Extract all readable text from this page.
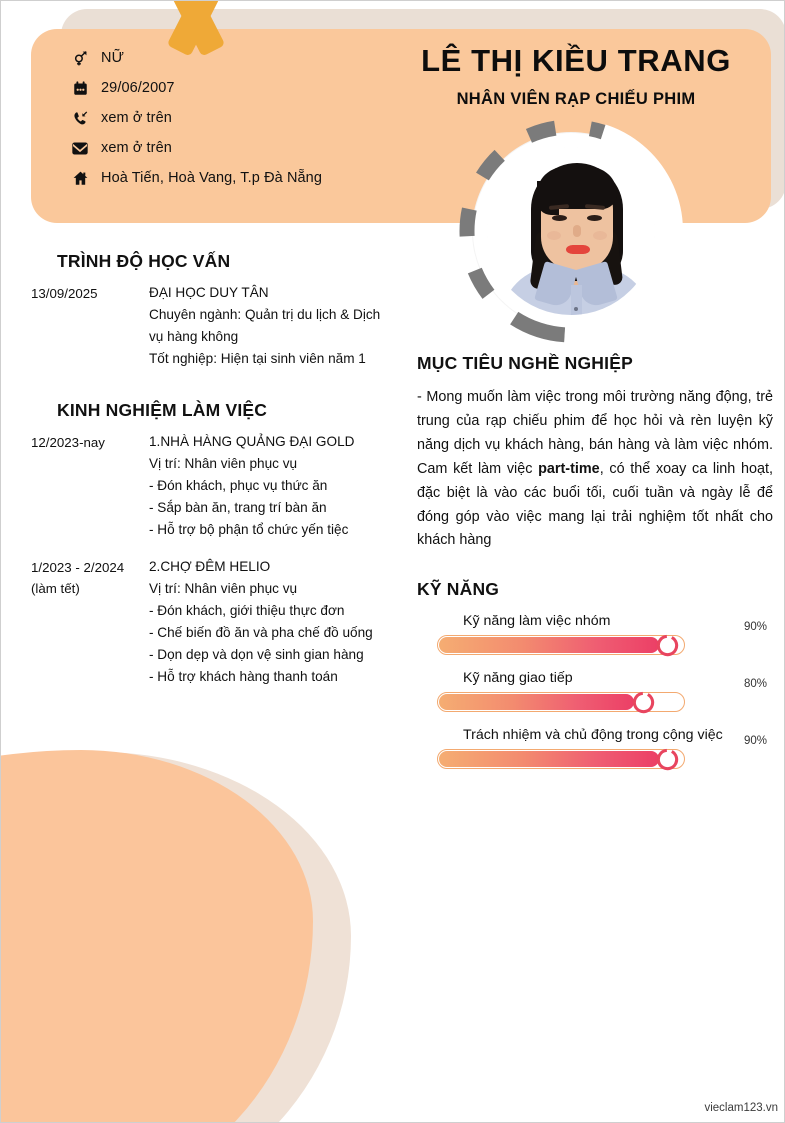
NỮ
29/06/2007
xem ở trên
xem ở trên
Hoà Tiến, Hoà Vang, T.p Đà Nẵng
LÊ THỊ KIỀU TRANG
NHÂN VIÊN RẠP CHIẾU PHIM
TRÌNH ĐỘ HỌC VẤN
13/09/2025	ĐẠI HỌC DUY TÂN
Chuyên ngành: Quản trị du lịch & Dịch
vụ hàng không
Tốt nghiệp: Hiện tại sinh viên năm 1
KINH NGHIỆM LÀM VIỆC
12/2023-nay	1.NHÀ HÀNG QUẢNG ĐẠI GOLD
Vị trí: Nhân viên phục vụ
- Đón khách, phục vụ thức ăn
- Sắp bàn ăn, trang trí bàn ăn
- Hỗ trợ bộ phận tổ chức yến tiệc
1/2023 - 2/2024
(làm tết)
2.CHỢ ĐÊM HELIO
Vị trí: Nhân viên phục vụ
- Đón khách, giới thiệu thực đơn
- Chế biến đồ ăn và pha chế đồ uống
- Dọn dẹp và dọn vệ sinh gian hàng
- Hỗ trợ khách hàng thanh toán
MỤC TIÊU NGHỀ NGHIỆP
- Mong muốn làm việc trong môi trường năng động, trẻ trung của rạp chiếu phim để học hỏi và rèn luyện kỹ năng dịch vụ khách hàng, bán hàng và làm việc nhóm. Cam kết làm việc part-time, có thể xoay ca linh hoạt, đặc biệt là vào các buổi tối, cuối tuần và ngày lễ để đóng góp vào việc mang lại trải nghiệm tốt nhất cho khách hàng
KỸ NĂNG
Kỹ năng làm việc nhóm	90%
Kỹ năng giao tiếp	80%
Trách nhiệm và chủ động trong cộng việc 90%
vieclam123.vn
